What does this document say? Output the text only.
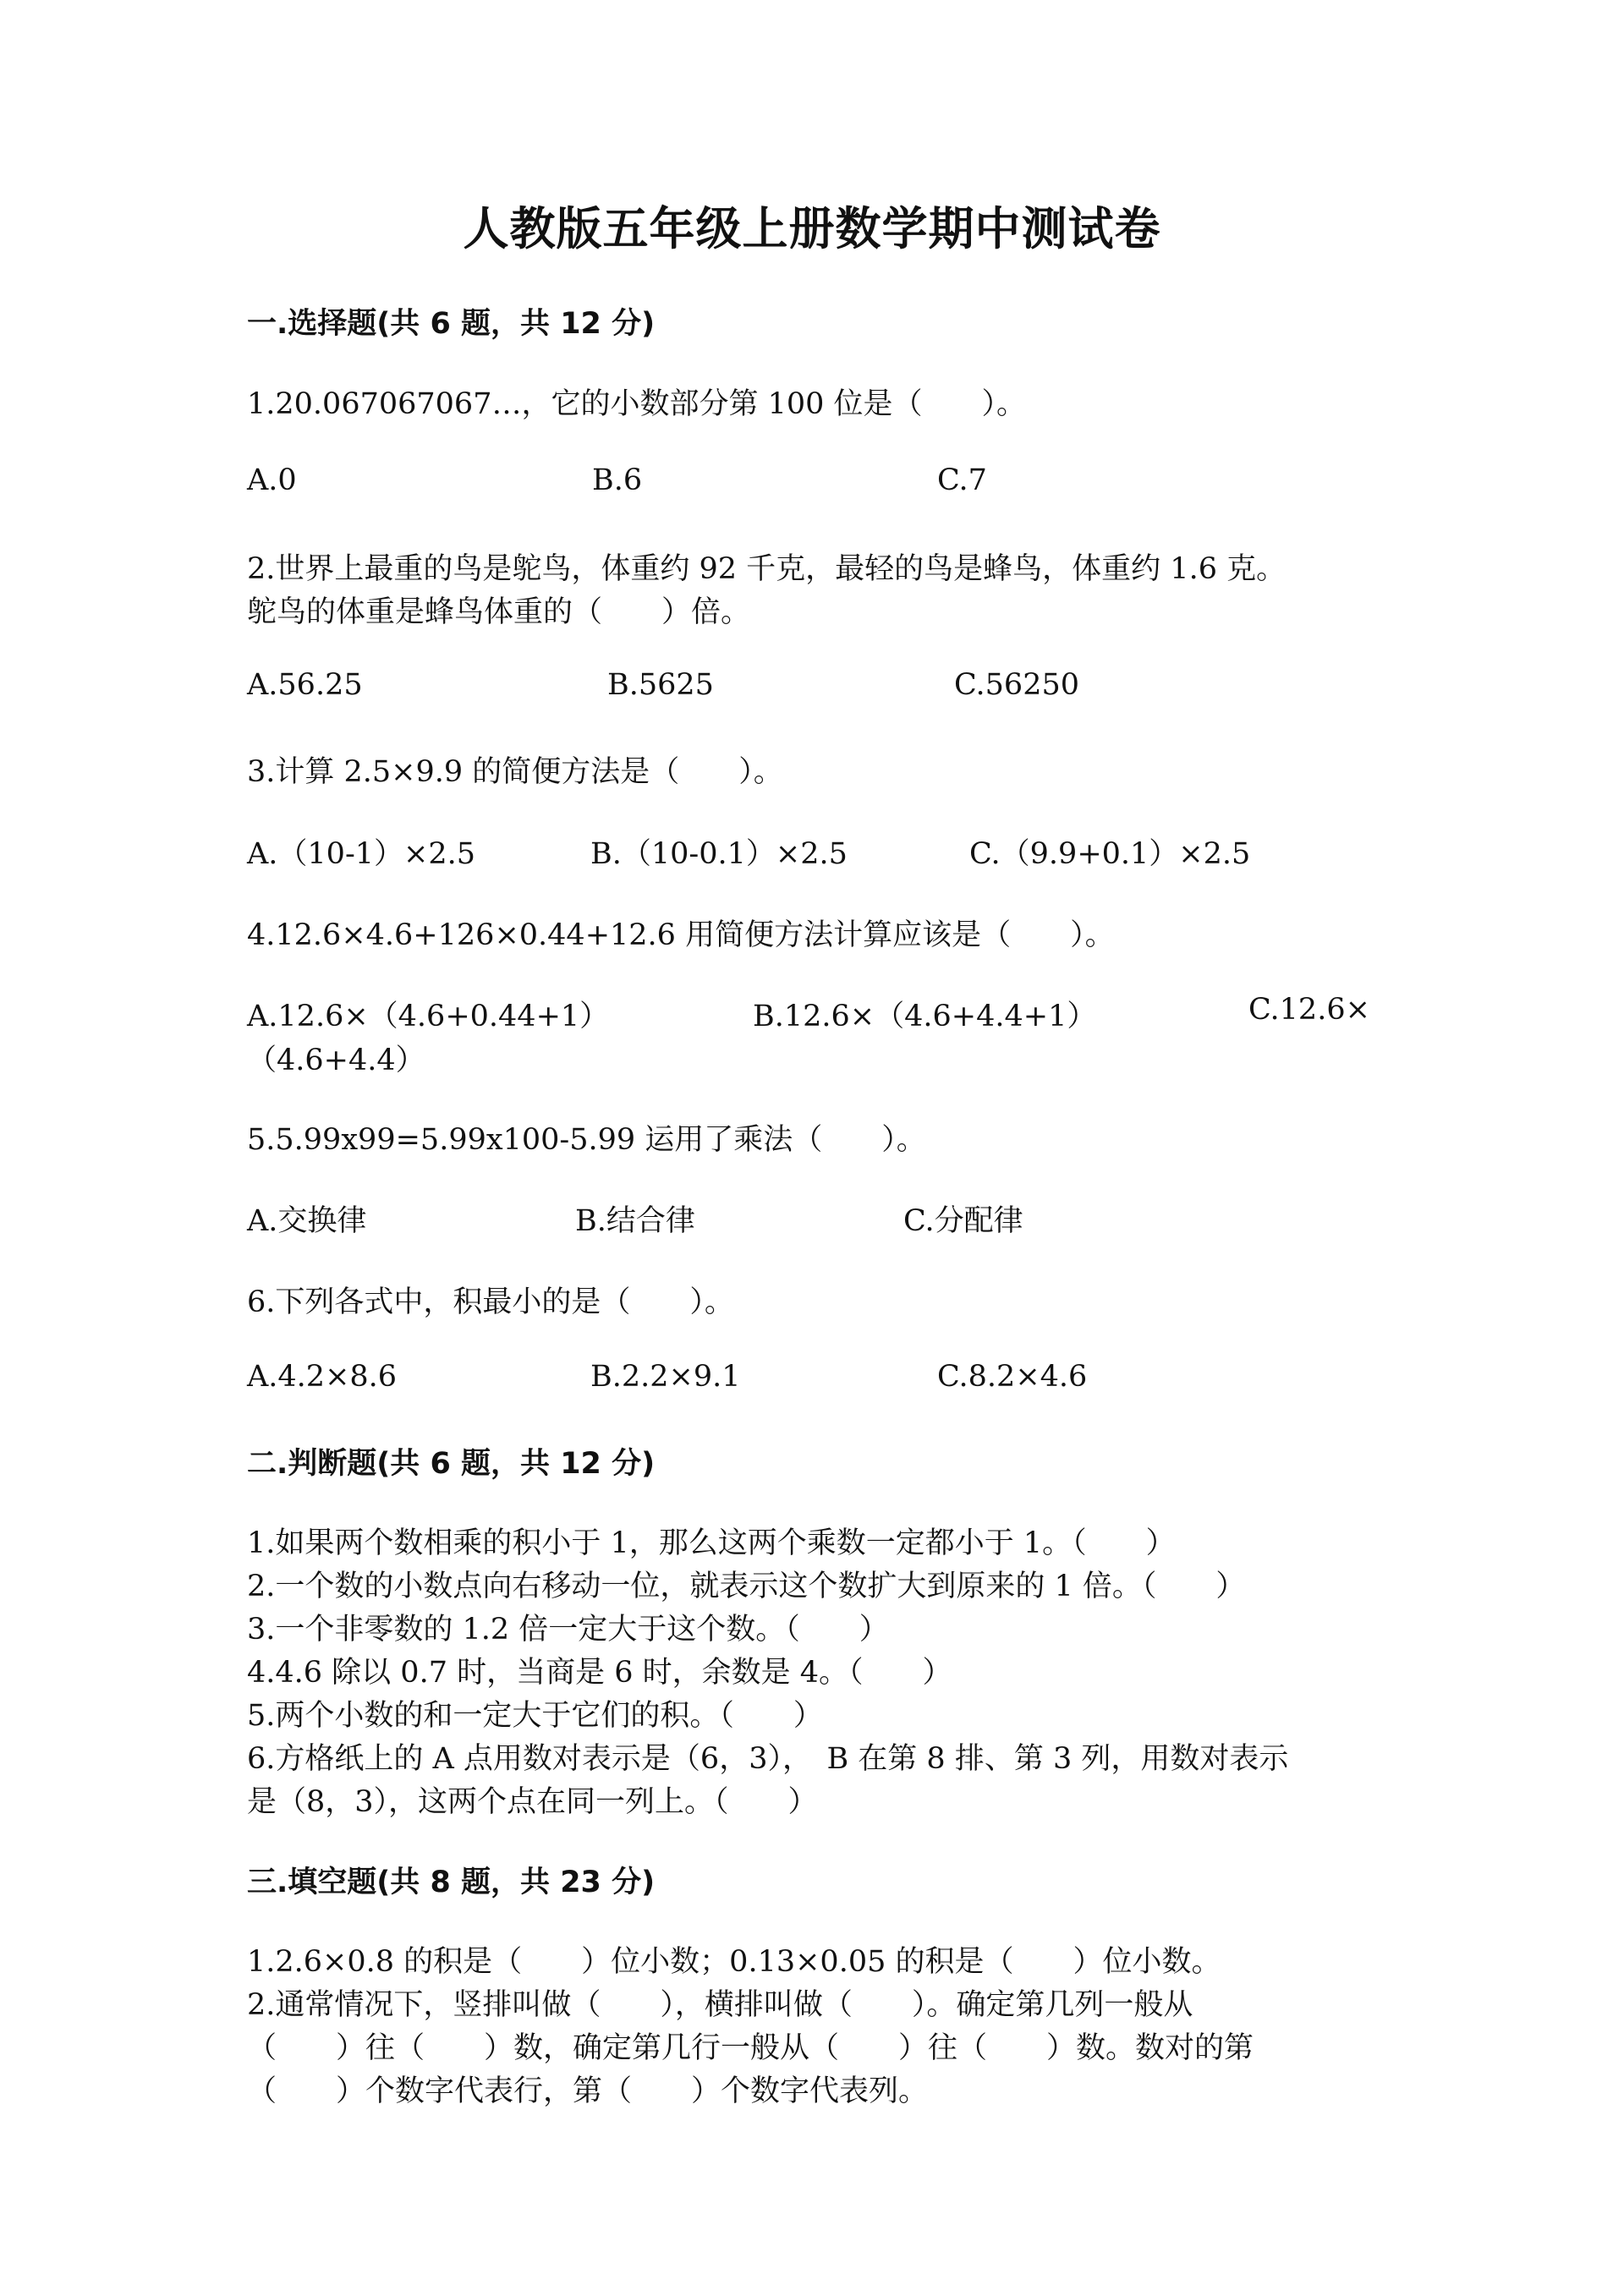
人教版五年级上册数学期中测试卷
一.选择题(共 6 题，共 12 分)
1.20.067067067…，它的小数部分第 100 位是（　　）。
A.0	B.6	C.7
2.世界上最重的鸟是鸵鸟，体重约 92 千克，最轻的鸟是蜂鸟，体重约 1.6 克。
鸵鸟的体重是蜂鸟体重的（　　）倍。
A.56.25	B.5625	C.56250
3.计算 2.5×9.9 的简便方法是（　　）。
A.（10-1）×2.5	B.（10-0.1）×2.5	C.（9.9+0.1）×2.5
4.12.6×4.6+126×0.44+12.6 用简便方法计算应该是（　　）。
A.12.6×（4.6+0.44+1）	B.12.6×（4.6+4.4+1）	C.12.6×
（4.6+4.4）
5.5.99x99=5.99x100-5.99 运用了乘法（　　）。
A.交换律	B.结合律	C.分配律
6.下列各式中，积最小的是（　　）。
A.4.2×8.6	B.2.2×9.1	C.8.2×4.6
二.判断题(共 6 题，共 12 分)
1.如果两个数相乘的积小于 1，那么这两个乘数一定都小于 1。（　　）
2.一个数的小数点向右移动一位，就表示这个数扩大到原来的 1 倍。（　　）
3.一个非零数的 1.2 倍一定大于这个数。（　　）
4.4.6 除以 0.7 时，当商是 6 时，余数是 4。（　　）
5.两个小数的和一定大于它们的积。（　　）
6.方格纸上的 A 点用数对表示是（6，3），　B 在第 8 排、第 3 列，用数对表示
是（8，3），这两个点在同一列上。（　　）
三.填空题(共 8 题，共 23 分)
1.2.6×0.8 的积是（　　）位小数；0.13×0.05 的积是（　　）位小数。
2.通常情况下，竖排叫做（　　），横排叫做（　　）。确定第几列一般从
（　　）往（　　）数，确定第几行一般从（　　）往（　　）数。数对的第
（　　）个数字代表行，第（　　）个数字代表列。
